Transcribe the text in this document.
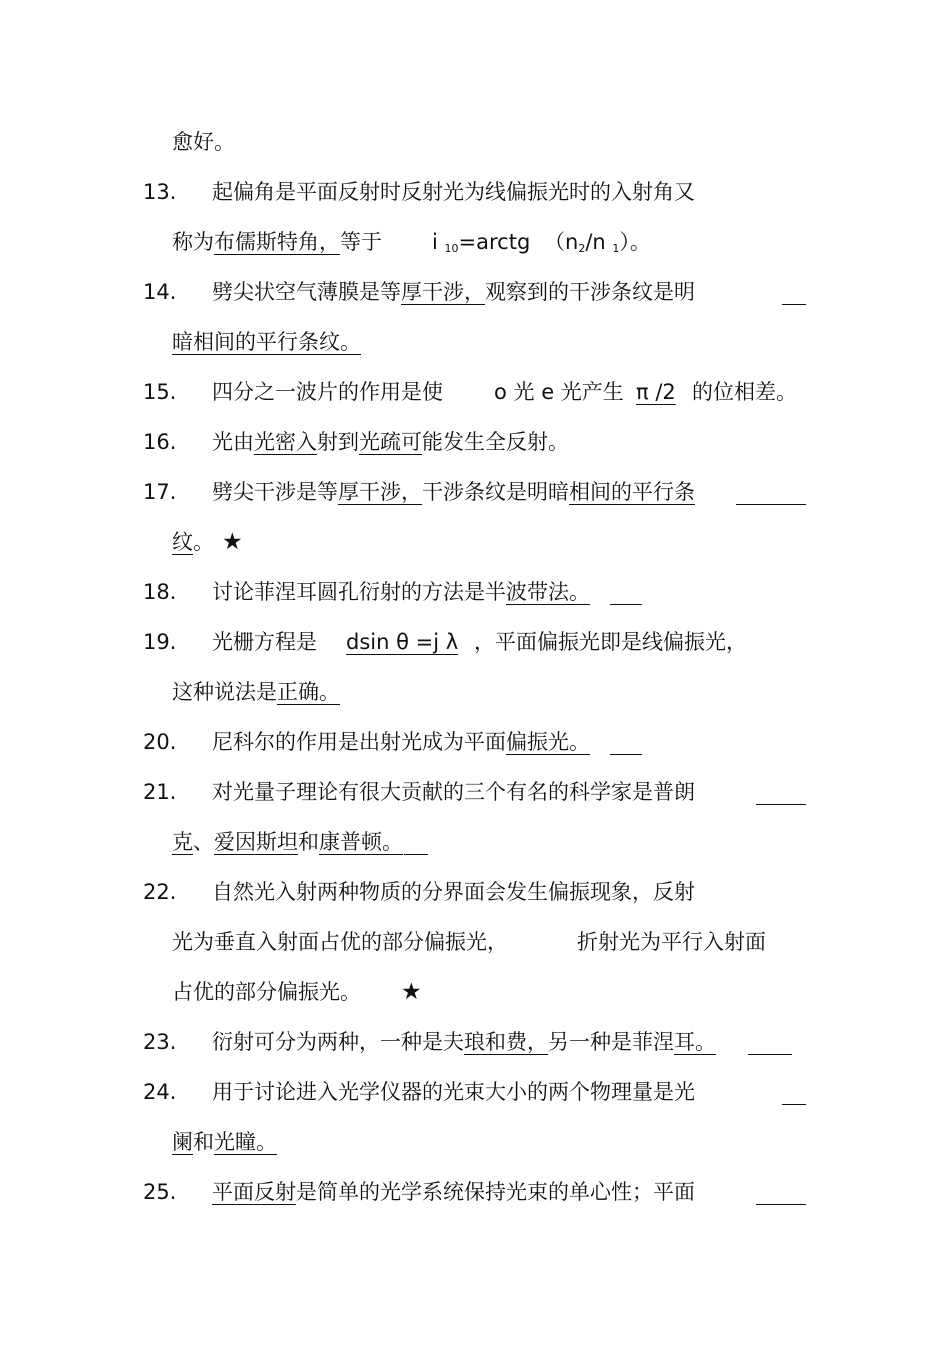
愈好。
13. 起偏角是平面反射时反射光为线偏振光时的入射角又
称为布儒斯特角，等于 i $_{10}$=arctg （$n_2/n$ $_1$）。
14. 劈尖状空气薄膜是等厚干涉，观察到的干涉条纹是明
暗相间的平行条纹。
15. 四分之一波片的作用是使 o 光 e 光产生 π /2 的位相差。
16. 光由光密入射到光疏可能发生全反射。
17. 劈尖干涉是等厚干涉，干涉条纹是明暗相间的平行条
纹。 ★
18. 讨论菲涅耳圆孔衍射的方法是半波带法。
19. 光栅方程是 dsin θ =j λ ，平面偏振光即是线偏振光，
这种说法是正确。
20. 尼科尔的作用是出射光成为平面偏振光。
21. 对光量子理论有很大贡献的三个有名的科学家是普朗
克、爱因斯坦和康普顿。
22. 自然光入射两种物质的分界面会发生偏振现象，反射
光为垂直入射面占优的部分偏振光，	折射光为平行入射面
占优的部分偏振光。 ★
23. 衍射可分为两种，一种是夫琅和费，另一种是菲涅耳。
24. 用于讨论进入光学仪器的光束大小的两个物理量是光
阑和光瞳。
25. 平面反射是简单的光学系统保持光束的单心性；平面
